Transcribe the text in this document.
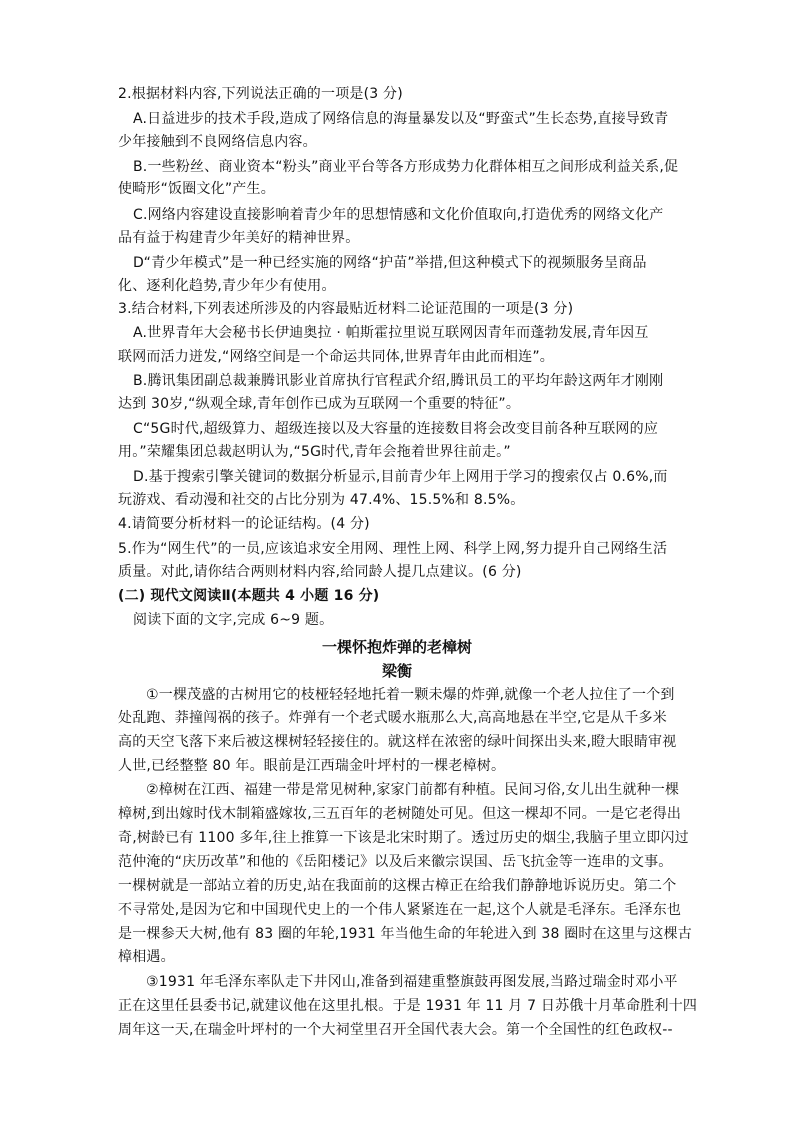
2.根据材料内容,下列说法正确的一项是(3 分)
A.日益进步的技术手段,造成了网络信息的海量暴发以及“野蛮式”生长态势,直接导致青
少年接触到不良网络信息内容。
B.一些粉丝、商业资本“粉头”商业平台等各方形成势力化群体相互之间形成利益关系,促
使畸形“饭圈文化”产生。
C.网络内容建设直接影响着青少年的思想情感和文化价值取向,打造优秀的网络文化产
品有益于构建青少年美好的精神世界。
D“青少年模式”是一种已经实施的网络“护苗”举措,但这种模式下的视频服务呈商品
化、逐利化趋势,青少年少有使用。
3.结合材料,下列表述所涉及的内容最贴近材料二论证范围的一项是(3 分)
A.世界青年大会秘书长伊迪奥拉 · 帕斯霍拉里说互联网因青年而蓬勃发展,青年因互
联网而活力迸发,“网络空间是一个命运共同体,世界青年由此而相连”。
B.腾讯集团副总裁兼腾讯影业首席执行官程武介绍,腾讯员工的平均年龄这两年才刚刚
达到 30岁,“纵观全球,青年创作已成为互联网一个重要的特征”。
C“5G时代,超级算力、超级连接以及大容量的连接数目将会改变目前各种互联网的应
用。”荣耀集团总裁赵明认为,“5G时代,青年会拖着世界往前走。”
D.基于搜索引擎关键词的数据分析显示,目前青少年上网用于学习的搜索仅占 0.6%,而
玩游戏、看动漫和社交的占比分别为 47.4%、15.5%和 8.5%。
4.请简要分析材料一的论证结构。(4 分)
5.作为“网生代”的一员,应该追求安全用网、理性上网、科学上网,努力提升自己网络生活
质量。对此,请你结合两则材料内容,给同龄人提几点建议。(6 分)
(二) 现代文阅读Ⅱ(本题共 4 小题 16 分)
阅读下面的文字,完成 6~9 题。
一棵怀抱炸弹的老樟树
梁衡
①一棵茂盛的古树用它的枝桠轻轻地托着一颗未爆的炸弹,就像一个老人拉住了一个到
处乱跑、莽撞闯祸的孩子。炸弹有一个老式暖水瓶那么大,高高地悬在半空,它是从千多米
高的天空飞落下来后被这棵树轻轻接住的。就这样在浓密的绿叶间探出头来,瞪大眼睛审视
人世,已经整整 80 年。眼前是江西瑞金叶坪村的一棵老樟树。
②樟树在江西、福建一带是常见树种,家家门前都有种植。民间习俗,女儿出生就种一棵
樟树,到出嫁时伐木制箱盛嫁妆,三五百年的老树随处可见。但这一棵却不同。一是它老得出
奇,树龄已有 1100 多年,往上推算一下该是北宋时期了。透过历史的烟尘,我脑子里立即闪过
范仲淹的“庆历改革”和他的《岳阳楼记》以及后来徽宗误国、岳飞抗金等一连串的文事。
一棵树就是一部站立着的历史,站在我面前的这棵古樟正在给我们静静地诉说历史。第二个
不寻常处,是因为它和中国现代史上的一个伟人紧紧连在一起,这个人就是毛泽东。毛泽东也
是一棵参天大树,他有 83 圈的年轮,1931 年当他生命的年轮进入到 38 圈时在这里与这棵古
樟相遇。
③1931 年毛泽东率队走下井冈山,准备到福建重整旗鼓再图发展,当路过瑞金时邓小平
正在这里任县委书记,就建议他在这里扎根。于是 1931 年 11 月 7 日苏俄十月革命胜利十四
周年这一天,在瑞金叶坪村的一个大祠堂里召开全国代表大会。第一个全国性的红色政权--
